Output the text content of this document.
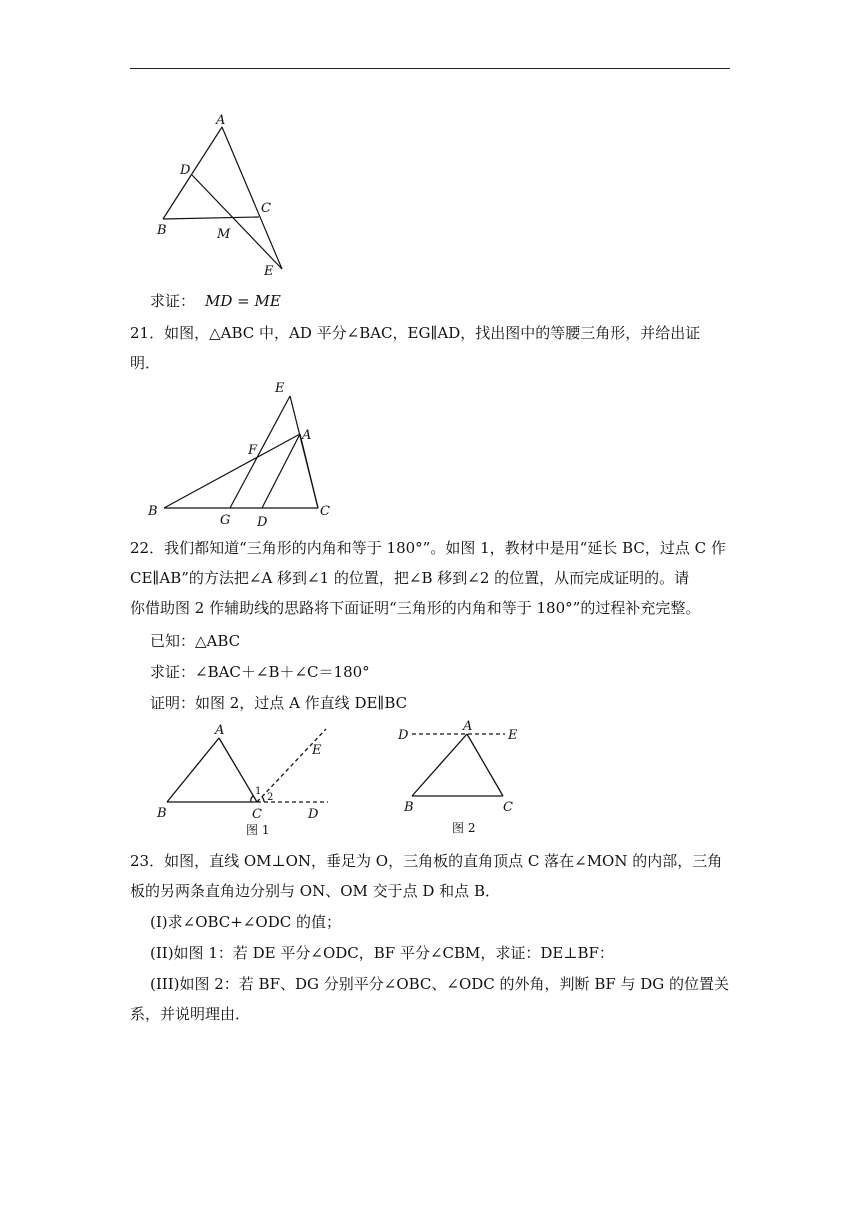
A
D
B
C
M
E

求证： MD = ME

21．如图，△ABC 中，AD 平分∠BAC，EG∥AD，找出图中的等腰三角形，并给出证
明．

E
F
A
B
G D
C

22．我们都知道“三角形的内角和等于 180°”。如图 1，教材中是用“延长 BC，过点 C 作
CE∥AB”的方法把∠A 移到∠1 的位置，把∠B 移到∠2 的位置，从而完成证明的。请
你借助图 2 作辅助线的思路将下面证明“三角形的内角和等于 180°”的过程补充完整。

已知：△ABC

求证：∠BAC＋∠B＋∠C＝180°

证明：如图 2，过点 A 作直线 DE∥BC

A
B	C	D
E
1
2
图 1
A
D	E
B	C
图 2

23．如图，直线 OM⊥ON，垂足为 O，三角板的直角顶点 C 落在∠MON 的内部，三角
板的另两条直角边分别与 ON、OM 交于点 D 和点 B．

(I)求∠OBC+∠ODC 的值；

(II)如图 1：若 DE 平分∠ODC，BF 平分∠CBM，求证：DE⊥BF：

(III)如图 2：若 BF、DG 分别平分∠OBC、∠ODC 的外角，判断 BF 与 DG 的位置关
系，并说明理由．
